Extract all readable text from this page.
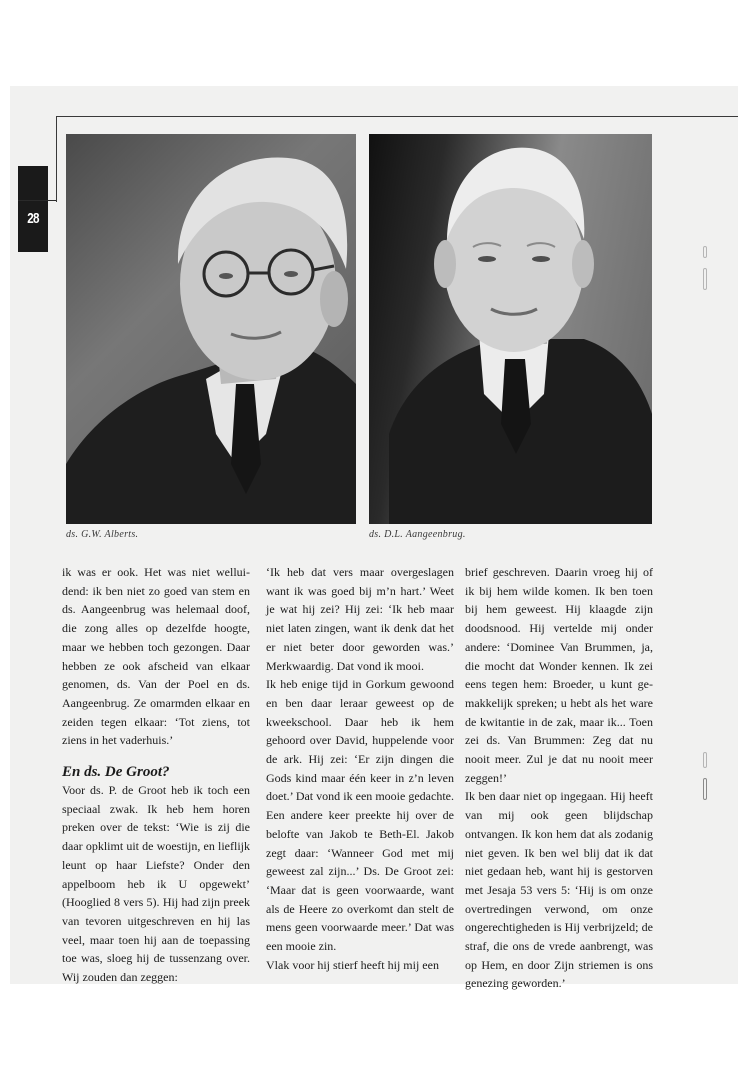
28
ds. G.W. Alberts.	ds. D.L. Aangeenbrug.

ik was er ook. Het was niet welluidend: ik ben niet zo goed van stem en ds. Aangeenbrug was helemaal doof, die zong alles op dezelfde hoogte, maar we hebben toch gezongen. Daar hebben ze ook afscheid van elkaar genomen, ds. Van der Poel en ds. Aangeenbrug. Ze omarmden elkaar en zeiden tegen elkaar: ‘Tot ziens, tot ziens in het vaderhuis.’

En ds. De Groot?

Voor ds. P. de Groot heb ik toch een speciaal zwak. Ik heb hem horen preken over de tekst: ‘Wie is zij die daar opklimt uit de woestijn, en lieflijk leunt op haar Liefste? Onder den appelboom heb ik U opgewekt’ (Hooglied 8 vers 5). Hij had zijn preek van tevoren uitgeschreven en hij las veel, maar toen hij aan de toepassing toe was, sloeg hij de tussenzang over. Wij zouden dan zeggen:

‘Ik heb dat vers maar overgeslagen want ik was goed bij m’n hart.’ Weet je wat hij zei? Hij zei: ‘Ik heb maar niet laten zingen, want ik denk dat het er niet beter door geworden was.’ Merkwaardig. Dat vond ik mooi.

Ik heb enige tijd in Gorkum gewoond en ben daar leraar geweest op de kweekschool. Daar heb ik hem gehoord over David, huppelende voor de ark. Hij zei: ‘Er zijn dingen die Gods kind maar één keer in z’n leven doet.’ Dat vond ik een mooie gedachte. Een andere keer preekte hij over de belofte van Jakob te Beth-El. Jakob zegt daar: ‘Wanneer God met mij geweest zal zijn...’ Ds. De Groot zei: ‘Maar dat is geen voorwaarde, want als de Heere zo overkomt dan stelt de mens geen voorwaarde meer.’ Dat was een mooie zin.

Vlak voor hij stierf heeft hij mij een

brief geschreven. Daarin vroeg hij of ik bij hem wilde komen. Ik ben toen bij hem geweest. Hij klaagde zijn doodsnood. Hij vertelde mij onder andere: ‘Dominee Van Brummen, ja, die mocht dat Wonder kennen. Ik zei eens tegen hem: Broeder, u kunt gemakkelijk spreken; u hebt als het ware de kwitantie in de zak, maar ik... Toen zei ds. Van Brummen: Zeg dat nu nooit meer. Zul je dat nu nooit meer zeggen!’

Ik ben daar niet op ingegaan. Hij heeft van mij ook geen blijdschap ontvangen. Ik kon hem dat als zodanig niet geven. Ik ben wel blij dat ik dat niet gedaan heb, want hij is gestorven met Jesaja 53 vers 5: ‘Hij is om onze overtredingen verwond, om onze ongerechtigheden is Hij verbrijzeld; de straf, die ons de vrede aanbrengt, was op Hem, en door Zijn striemen is ons genezing geworden.’
